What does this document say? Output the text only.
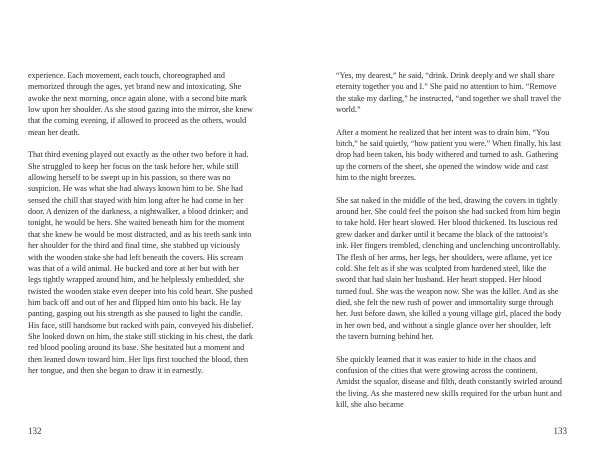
experience. Each movement, each touch, choreographed and memorized through the ages, yet brand new and intoxicating. She awoke the next morning, once again alone, with a second bite mark low upon her shoulder. As she stood gazing into the mirror, she knew that the coming evening, if allowed to proceed as the others, would mean her death.

That third evening played out exactly as the other two before it had. She struggled to keep her focus on the task before her, while still allowing herself to be swept up in his passion, so there was no suspicion. He was what she had always known him to be. She had sensed the chill that stayed with him long after he had come in her door. A denizen of the darkness, a nightwalker, a blood drinker; and tonight, he would be hers. She waited beneath him for the moment that she knew he would be most distracted, and as his teeth sank into her shoulder for the third and final time, she stabbed up viciously with the wooden stake she had left beneath the covers. His scream was that of a wild animal. He bucked and tore at her but with her legs tightly wrapped around him, and he helplessly embedded, she twisted the wooden stake even deeper into his cold heart. She pushed him back off and out of her and flipped him onto his back. He lay panting, gasping out his strength as she paused to light the candle. His face, still handsome but racked with pain, conveyed his disbelief. She looked down on him, the stake still sticking in his chest, the dark red blood pooling around its base. She hesitated but a moment and then leaned down toward him. Her lips first touched the blood, then her tongue, and then she began to draw it in earnestly.

132

“Yes, my dearest,” he said, “drink. Drink deeply and we shall share eternity together you and I.” She paid no attention to him. “Remove the stake my darling,” he instructed, “and together we shall travel the world.”

After a moment he realized that her intent was to drain him. “You bitch,” he said quietly, “how patient you were.” When finally, his last drop had been taken, his body withered and turned to ash. Gathering up the corners of the sheet, she opened the window wide and cast him to the night breezes.

She sat naked in the middle of the bed, drawing the covers in tightly around her. She could feel the poison she had sucked from him begin to take hold. Her heart slowed. Her blood thickened. Its luscious red grew darker and darker until it became the black of the tattooist’s ink. Her fingers trembled, clenching and unclenching uncontrollably. The flesh of her arms, her legs, her shoulders, were aflame, yet ice cold. She felt as if she was sculpted from hardened steel, like the sword that had slain her husband. Her heart stopped. Her blood turned foul. She was the weapon now. She was the killer. And as she died, she felt the new rush of power and immortality surge through her. Just before dawn, she killed a young village girl, placed the body in her own bed, and without a single glance over her shoulder, left the tavern burning behind her.

She quickly learned that it was easier to hide in the chaos and confusion of the cities that were growing across the continent. Amidst the squalor, disease and filth, death constantly swirled around the living. As she mastered new skills required for the urban hunt and kill, she also became

133
